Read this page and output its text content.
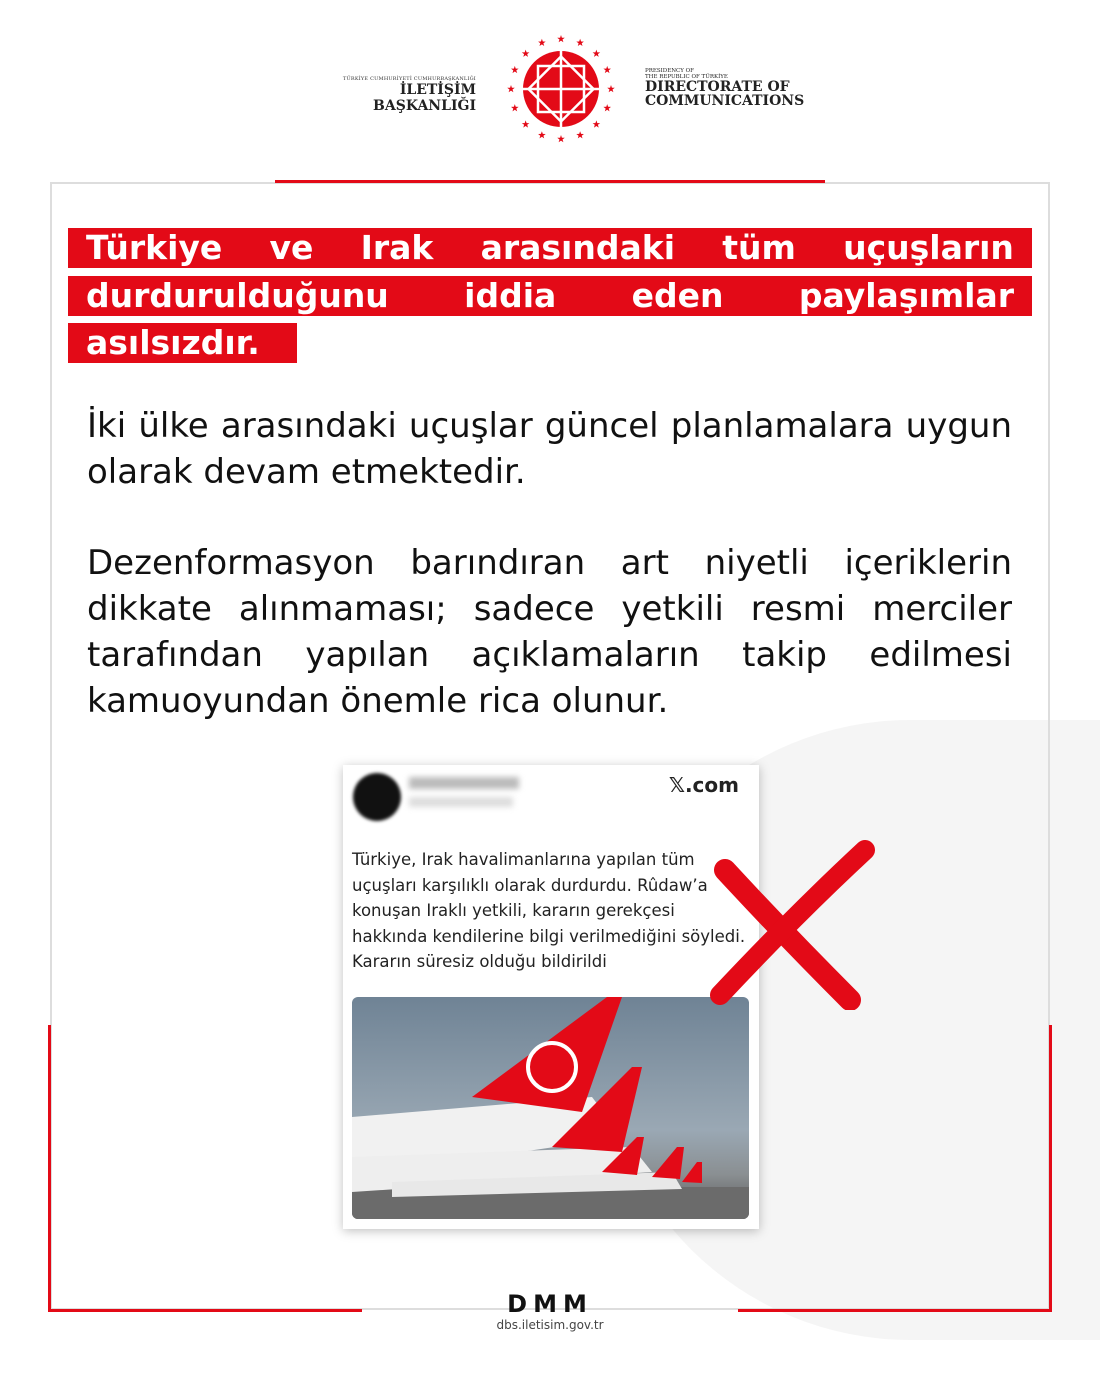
TÜRKİYE CUMHURİYETİ CUMHURBAŞKANLIĞI
İLETİŞİM BAŞKANLIĞI
PRESIDENCY OF
THE REPUBLIC OF TÜRKİYE
DIRECTORATE OF
COMMUNICATIONS
Türkiye ve Irak arasındaki tüm uçuşların
durdurulduğunu iddia eden paylaşımlar
asılsızdır.

İki ülke arasındaki uçuşlar güncel planlamalara uygun olarak devam etmektedir.

Dezenformasyon barındıran art niyetli içeriklerin dikkate alınmaması; sadece yetkili resmi merciler tarafından yapılan açıklamaların takip edilmesi kamuoyundan önemle rica olunur.

𝕏.com
Türkiye, Irak havalimanlarına yapılan tüm uçuşları karşılıklı olarak durdurdu. Rûdaw’a konuşan Iraklı yetkili, kararın gerekçesi hakkında kendilerine bilgi verilmediğini söyledi. Kararın süresiz olduğu bildirildi
DMM
dbs.iletisim.gov.tr
